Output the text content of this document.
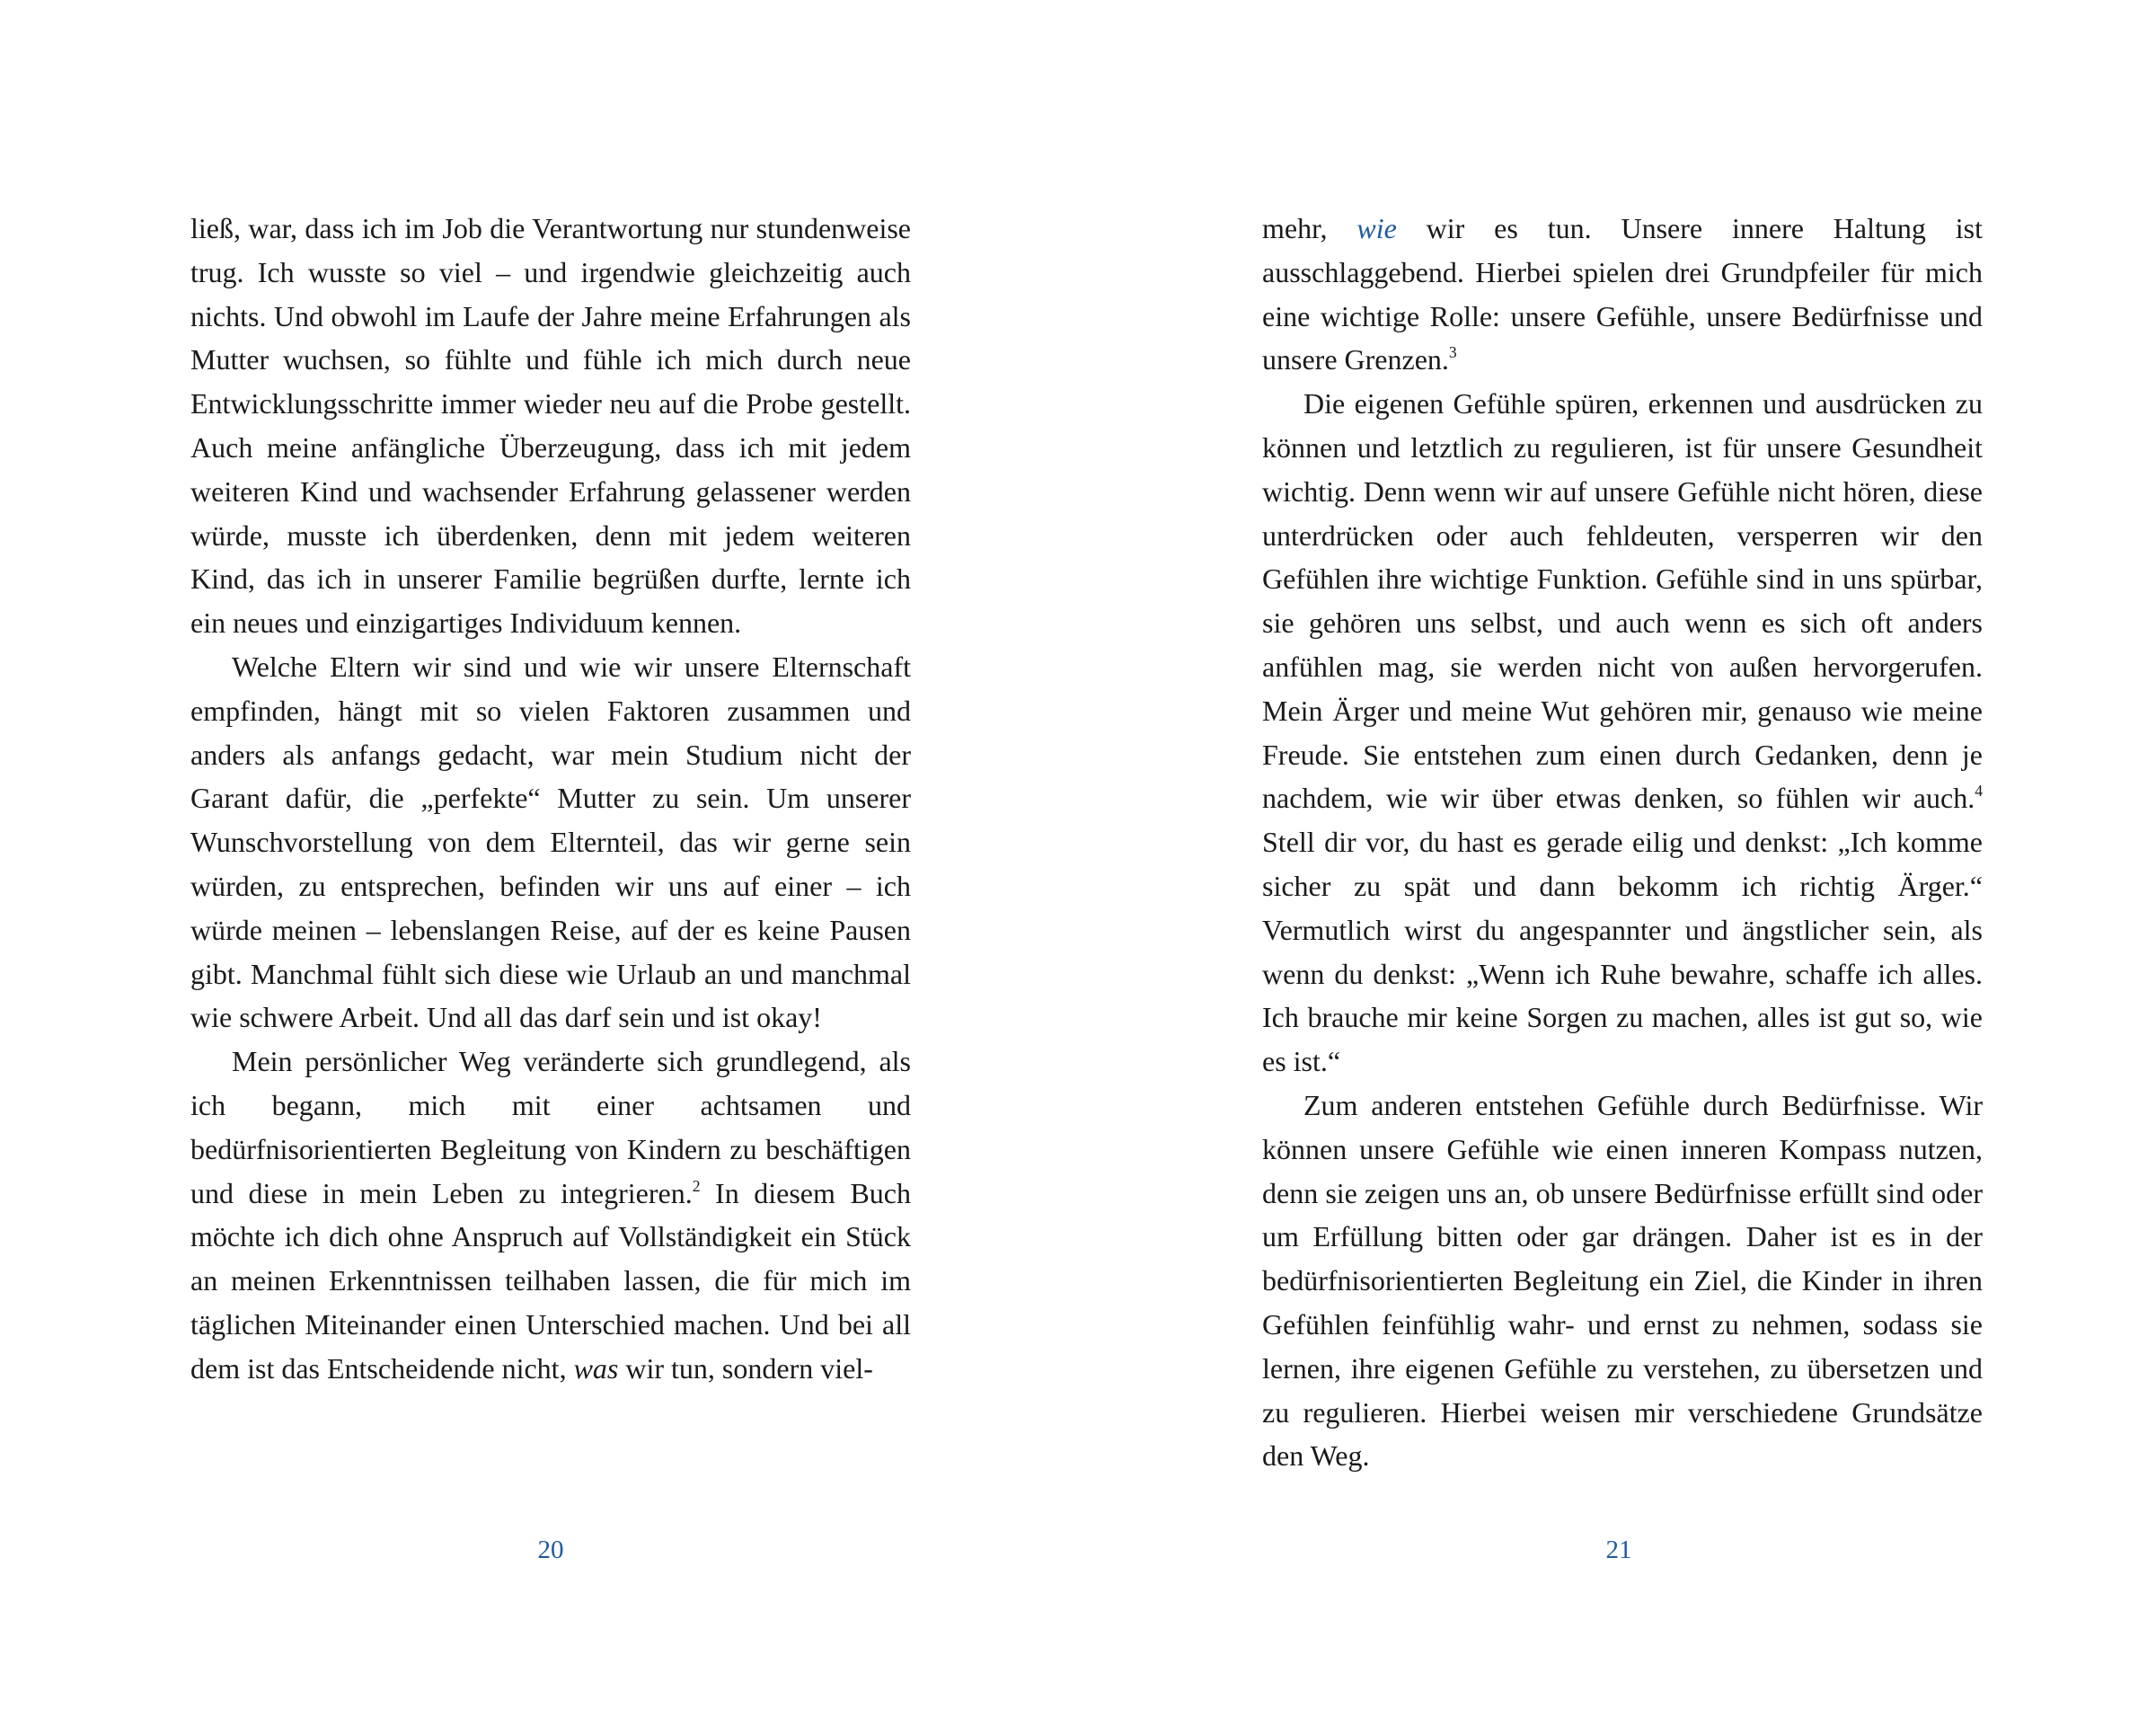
ließ, war, dass ich im Job die Verantwortung nur stundenweise trug. Ich wusste so viel – und irgendwie gleichzeitig auch nichts. Und obwohl im Laufe der Jahre meine Erfahrungen als Mutter wuchsen, so fühlte und fühle ich mich durch neue Entwicklungsschritte immer wieder neu auf die Probe gestellt. Auch meine anfängliche Überzeugung, dass ich mit jedem weiteren Kind und wachsender Erfahrung gelassener werden würde, musste ich überdenken, denn mit jedem weiteren Kind, das ich in unserer Familie begrüßen durfte, lernte ich ein neues und einzigartiges Individuum kennen.

Welche Eltern wir sind und wie wir unsere Elternschaft empfinden, hängt mit so vielen Faktoren zusammen und anders als anfangs gedacht, war mein Studium nicht der Garant dafür, die „perfekte“ Mutter zu sein. Um unserer Wunschvorstellung von dem Elternteil, das wir gerne sein würden, zu entsprechen, befinden wir uns auf einer – ich würde meinen – lebenslangen Reise, auf der es keine Pausen gibt. Manchmal fühlt sich diese wie Urlaub an und manchmal wie schwere Arbeit. Und all das darf sein und ist okay!

Mein persönlicher Weg veränderte sich grundlegend, als ich begann, mich mit einer achtsamen und bedürfnisorientierten Begleitung von Kindern zu beschäftigen und diese in mein Leben zu integrieren.$^2$ In diesem Buch möchte ich dich ohne Anspruch auf Vollständigkeit ein Stück an meinen Erkenntnissen teilhaben lassen, die für mich im täglichen Miteinander einen Unterschied machen. Und bei all dem ist das Entscheidende nicht, was wir tun, sondern viel-

20

mehr, wie wir es tun. Unsere innere Haltung ist ausschlaggebend. Hierbei spielen drei Grundpfeiler für mich eine wichtige Rolle: unsere Gefühle, unsere Bedürfnisse und unsere Grenzen.$^3$

Die eigenen Gefühle spüren, erkennen und ausdrücken zu können und letztlich zu regulieren, ist für unsere Gesundheit wichtig. Denn wenn wir auf unsere Gefühle nicht hören, diese unterdrücken oder auch fehldeuten, versperren wir den Gefühlen ihre wichtige Funktion. Gefühle sind in uns spürbar, sie gehören uns selbst, und auch wenn es sich oft anders anfühlen mag, sie werden nicht von außen hervorgerufen. Mein Ärger und meine Wut gehören mir, genauso wie meine Freude. Sie entstehen zum einen durch Gedanken, denn je nachdem, wie wir über etwas denken, so fühlen wir auch.$^4$ Stell dir vor, du hast es gerade eilig und denkst: „Ich komme sicher zu spät und dann bekomm ich richtig Ärger.“ Vermutlich wirst du angespannter und ängstlicher sein, als wenn du denkst: „Wenn ich Ruhe bewahre, schaffe ich alles. Ich brauche mir keine Sorgen zu machen, alles ist gut so, wie es ist.“

Zum anderen entstehen Gefühle durch Bedürfnisse. Wir können unsere Gefühle wie einen inneren Kompass nutzen, denn sie zeigen uns an, ob unsere Bedürfnisse erfüllt sind oder um Erfüllung bitten oder gar drängen. Daher ist es in der bedürfnisorientierten Begleitung ein Ziel, die Kinder in ihren Gefühlen feinfühlig wahr- und ernst zu nehmen, sodass sie lernen, ihre eigenen Gefühle zu verstehen, zu übersetzen und zu regulieren. Hierbei weisen mir verschiedene Grundsätze den Weg.

21
